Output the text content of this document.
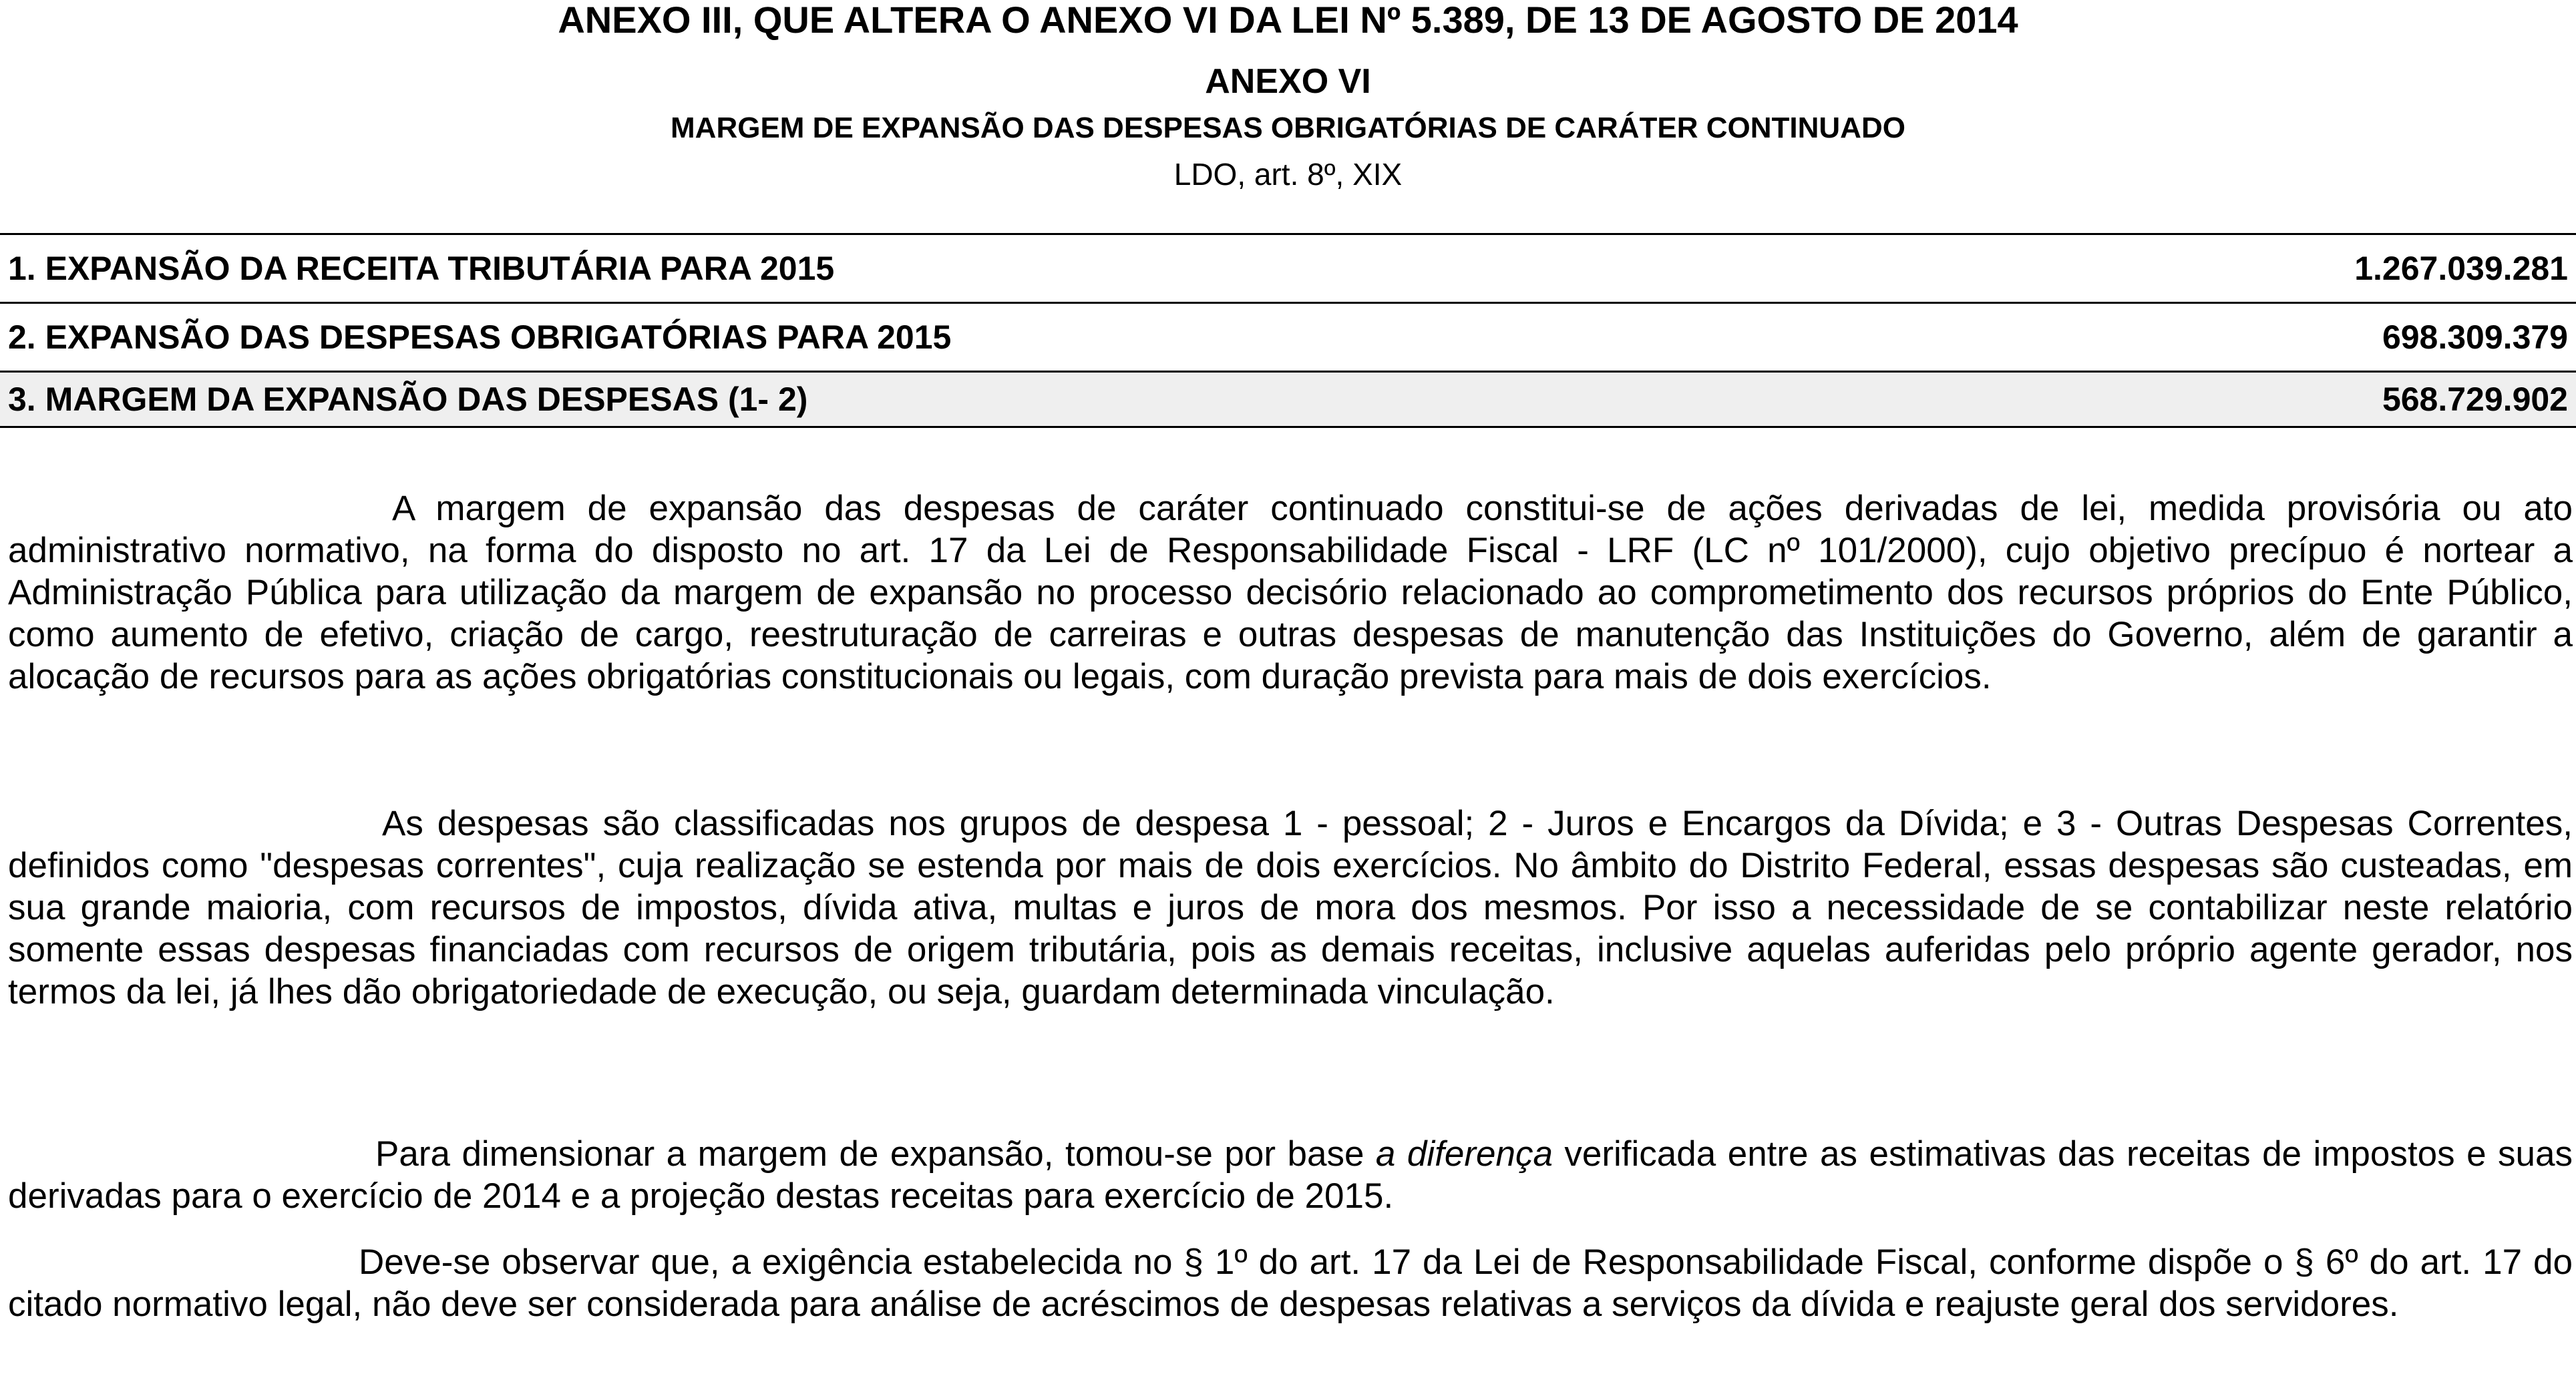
ANEXO III, QUE ALTERA O ANEXO VI DA LEI Nº 5.389, DE 13 DE AGOSTO DE 2014
ANEXO VI
MARGEM DE EXPANSÃO DAS DESPESAS OBRIGATÓRIAS DE CARÁTER CONTINUADO
LDO, art. 8º, XIX
1. EXPANSÃO DA RECEITA TRIBUTÁRIA PARA 2015	1.267.039.281
2. EXPANSÃO DAS DESPESAS OBRIGATÓRIAS PARA 2015	698.309.379
3. MARGEM DA EXPANSÃO DAS DESPESAS (1- 2)	568.729.902

A margem de expansão das despesas de caráter continuado constitui-se de ações derivadas de lei, medida provisória ou ato administrativo normativo, na forma do disposto no art. 17 da Lei de Responsabilidade Fiscal - LRF (LC nº 101/2000), cujo objetivo precípuo é nortear a Administração Pública para utilização da margem de expansão no processo decisório relacionado ao comprometimento dos recursos próprios do Ente Público, como aumento de efetivo, criação de cargo, reestruturação de carreiras e outras despesas de manutenção das Instituições do Governo, além de garantir a alocação de recursos para as ações obrigatórias constitucionais ou legais, com duração prevista para mais de dois exercícios.

As despesas são classificadas nos grupos de despesa 1 - pessoal; 2 - Juros e Encargos da Dívida; e 3 - Outras Despesas Correntes, definidos como "despesas correntes", cuja realização se estenda por mais de dois exercícios. No âmbito do Distrito Federal, essas despesas são custeadas, em sua grande maioria, com recursos de impostos, dívida ativa, multas e juros de mora dos mesmos. Por isso a necessidade de se contabilizar neste relatório somente essas despesas financiadas com recursos de origem tributária, pois as demais receitas, inclusive aquelas auferidas pelo próprio agente gerador, nos termos da lei, já lhes dão obrigatoriedade de execução, ou seja, guardam determinada vinculação.

Para dimensionar a margem de expansão, tomou-se por base a diferença verificada entre as estimativas das receitas de impostos e suas derivadas para o exercício de 2014 e a projeção destas receitas para exercício de 2015.

Deve-se observar que, a exigência estabelecida no § 1º do art. 17 da Lei de Responsabilidade Fiscal, conforme dispõe o § 6º do art. 17 do citado normativo legal, não deve ser considerada para análise de acréscimos de despesas relativas a serviços da dívida e reajuste geral dos servidores.
